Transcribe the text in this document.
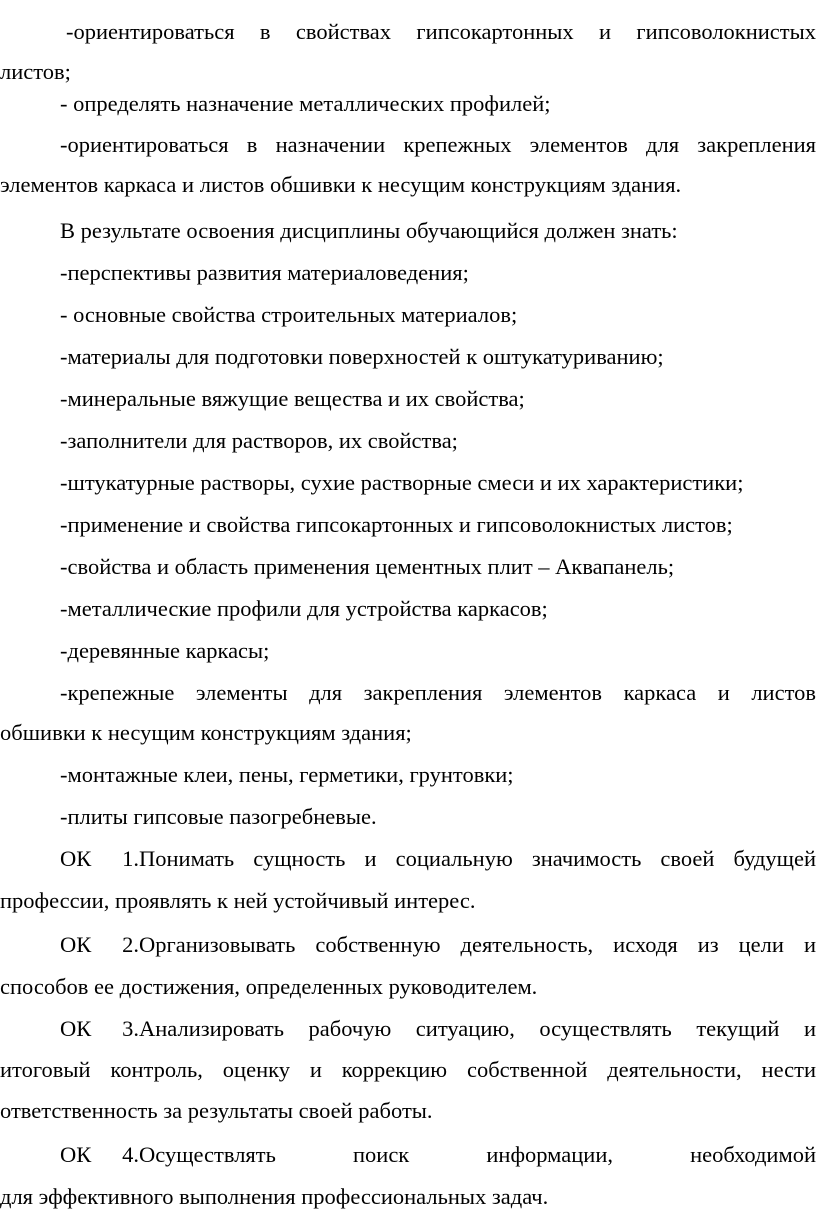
-ориентироваться в свойствах гипсокартонных и гипсоволокнистых
листов;
- определять назначение металлических профилей;
-ориентироваться в назначении крепежных элементов для закрепления
элементов каркаса и листов обшивки к несущим конструкциям здания.
В результате освоения дисциплины обучающийся должен знать:
-перспективы развития материаловедения;
- основные свойства строительных материалов;
-материалы для подготовки поверхностей к оштукатуриванию;
-минеральные вяжущие вещества и их свойства;
-заполнители для растворов, их свойства;
-штукатурные растворы, сухие растворные смеси и их характеристики;
-применение и свойства гипсокартонных и гипсоволокнистых листов;
-свойства и область применения цементных плит – Аквапанель;
-металлические профили для устройства каркасов;
-деревянные каркасы;
-крепежные элементы для закрепления элементов каркаса и листов
обшивки к несущим конструкциям здания;
-монтажные клеи, пены, герметики, грунтовки;
-плиты гипсовые пазогребневые.
ОК 1.Понимать сущность и социальную значимость своей будущей
профессии, проявлять к ней устойчивый интерес.
ОК 2.Организовывать собственную деятельность, исходя из цели и
способов ее достижения, определенных руководителем.
ОК 3.Анализировать рабочую ситуацию, осуществлять текущий и
итоговый контроль, оценку и коррекцию собственной деятельности, нести
ответственность за результаты своей работы.
ОК 4.Осуществлять поиск информации, необходимой
для эффективного выполнения профессиональных задач.
